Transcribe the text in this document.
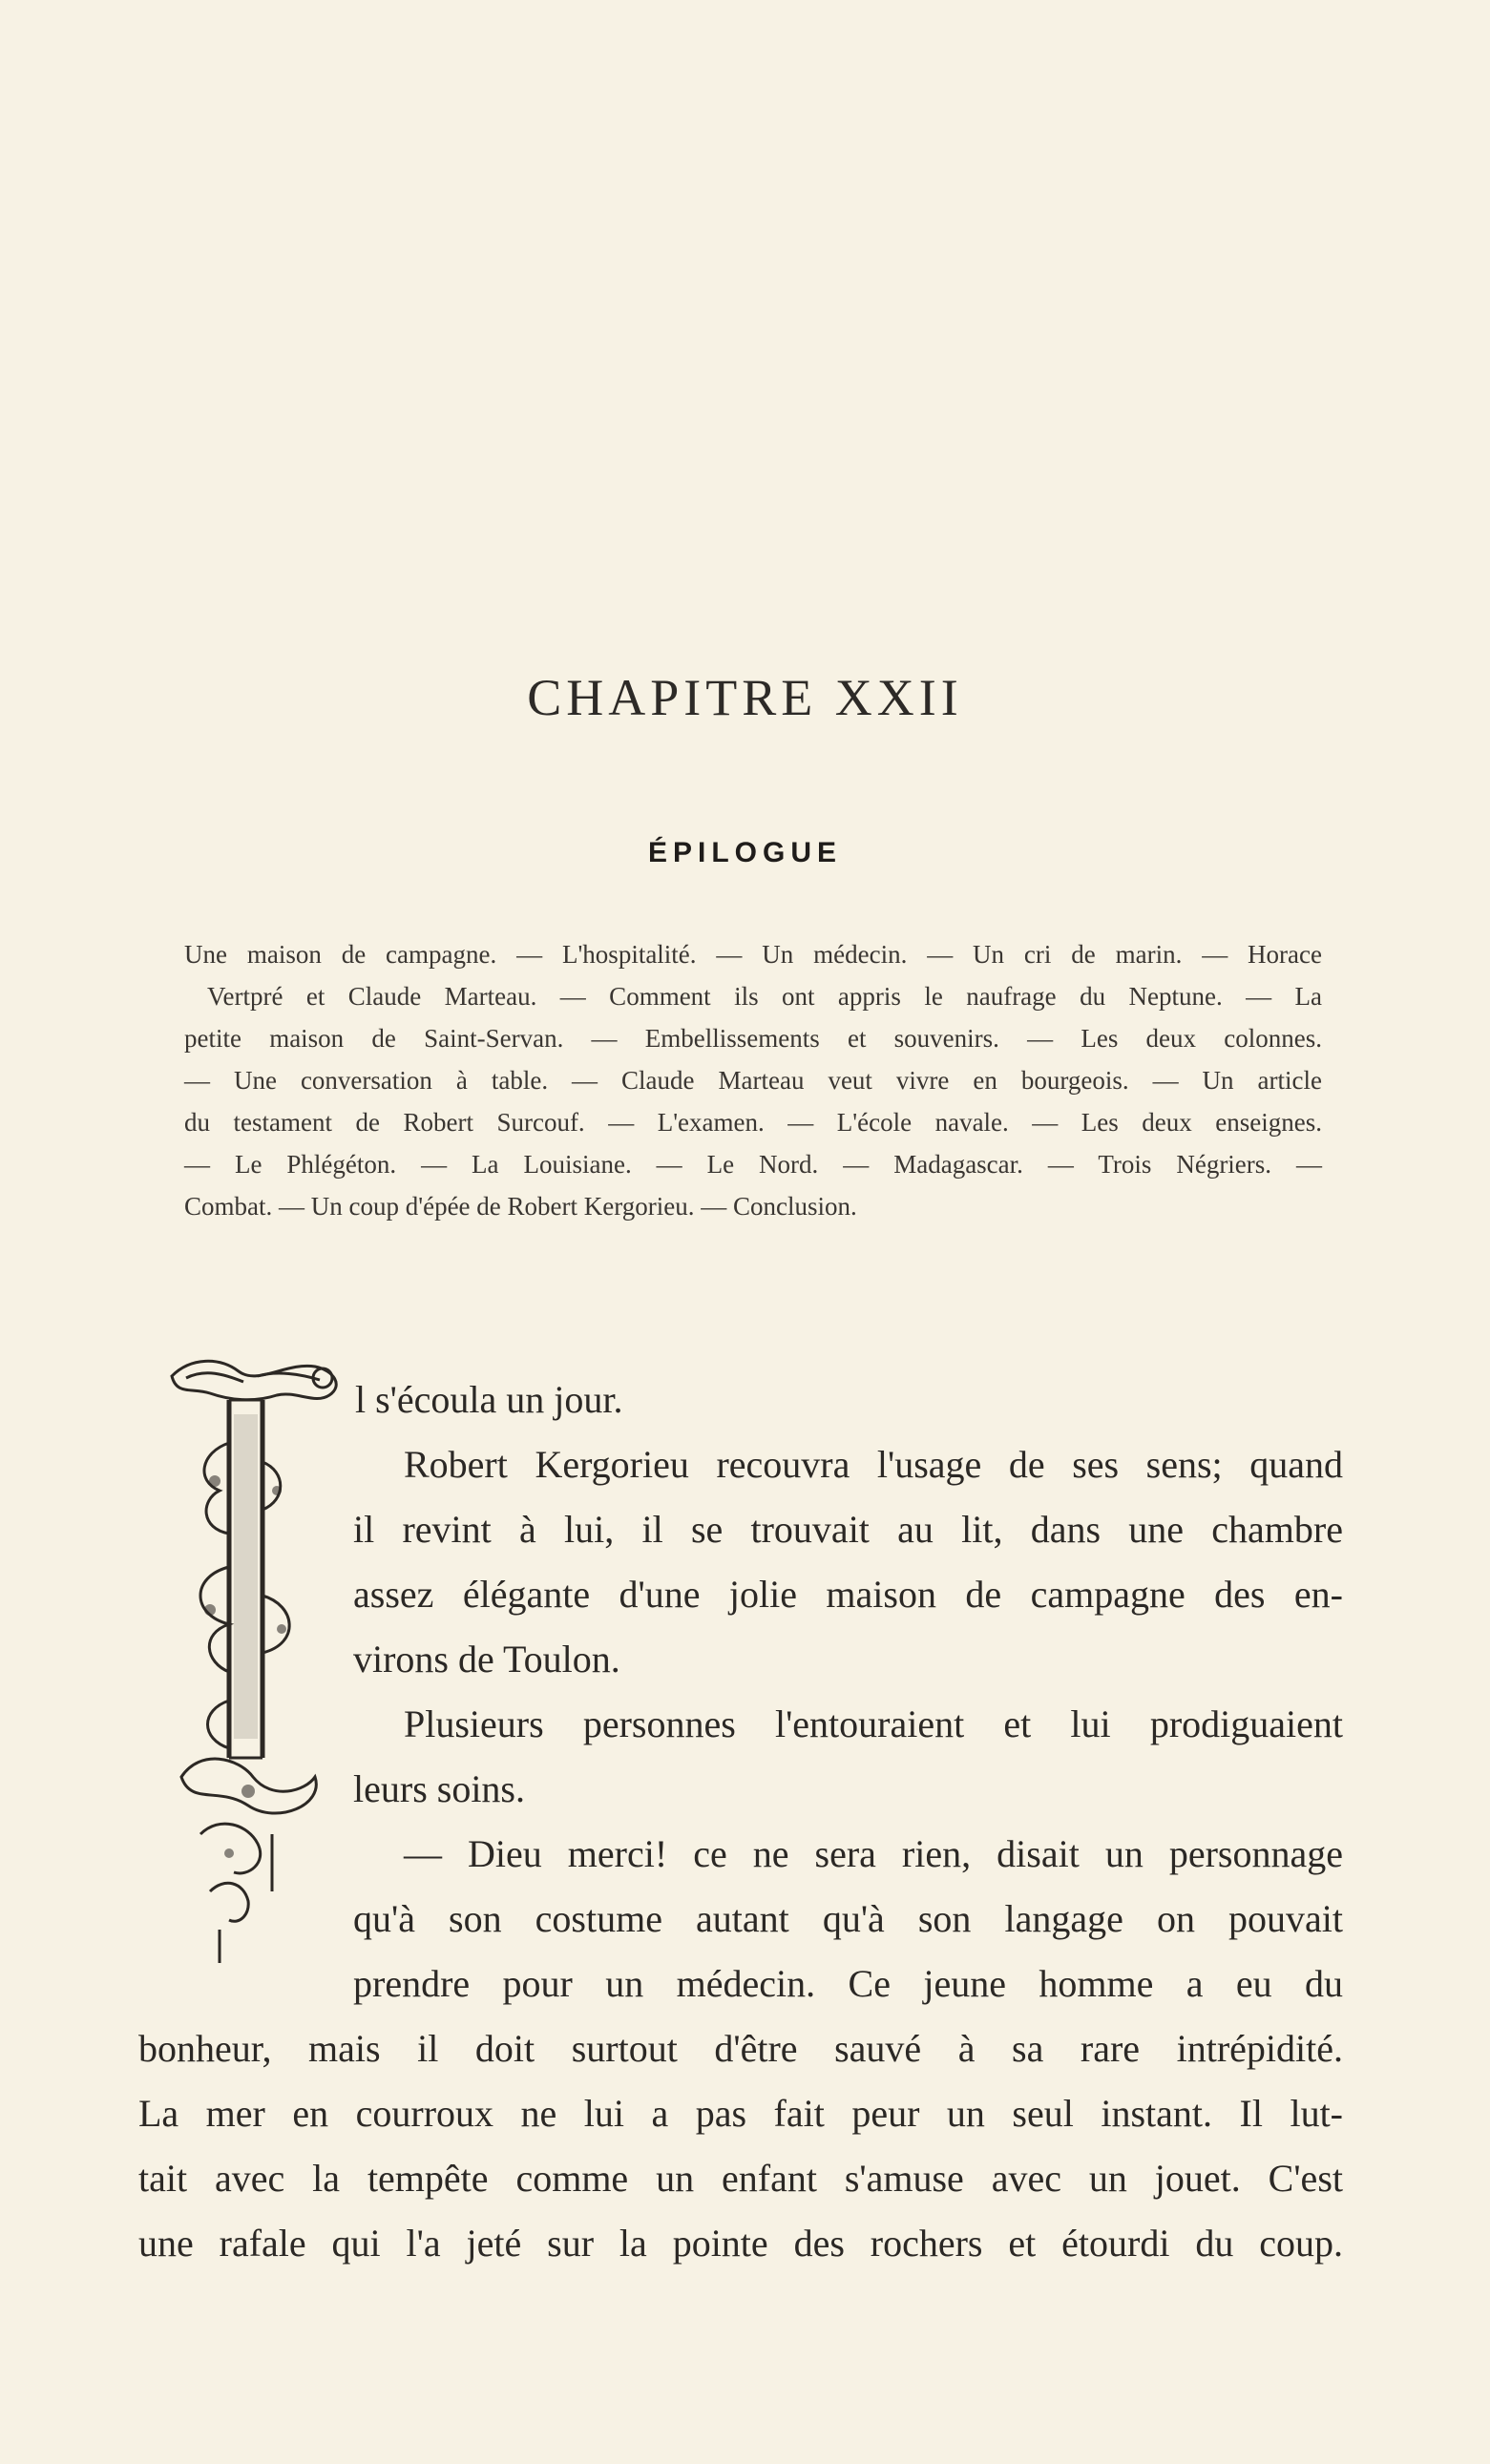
CHAPITRE XXII
ÉPILOGUE
Une maison de campagne. — L'hospitalité. — Un médecin. — Un cri de marin. — Horace
Vertpré et Claude Marteau. — Comment ils ont appris le naufrage du Neptune. — La
petite maison de Saint-Servan. — Embellissements et souvenirs. — Les deux colonnes.
— Une conversation à table. — Claude Marteau veut vivre en bourgeois. — Un article
du testament de Robert Surcouf. — L'examen. — L'école navale. — Les deux enseignes.
— Le Phlégéton. — La Louisiane. — Le Nord. — Madagascar. — Trois Négriers. —
Combat. — Un coup d'épée de Robert Kergorieu. — Conclusion.
l s'écoula un jour.
Robert Kergorieu recouvra l'usage de ses sens; quand
il revint à lui, il se trouvait au lit, dans une chambre
assez élégante d'une jolie maison de campagne des en-
virons de Toulon.
Plusieurs personnes l'entouraient et lui prodiguaient
leurs soins.
— Dieu merci! ce ne sera rien, disait un personnage
qu'à son costume autant qu'à son langage on pouvait
prendre pour un médecin. Ce jeune homme a eu du
bonheur, mais il doit surtout d'être sauvé à sa rare intrépidité.
La mer en courroux ne lui a pas fait peur un seul instant. Il lut-
tait avec la tempête comme un enfant s'amuse avec un jouet. C'est
une rafale qui l'a jeté sur la pointe des rochers et étourdi du coup.
